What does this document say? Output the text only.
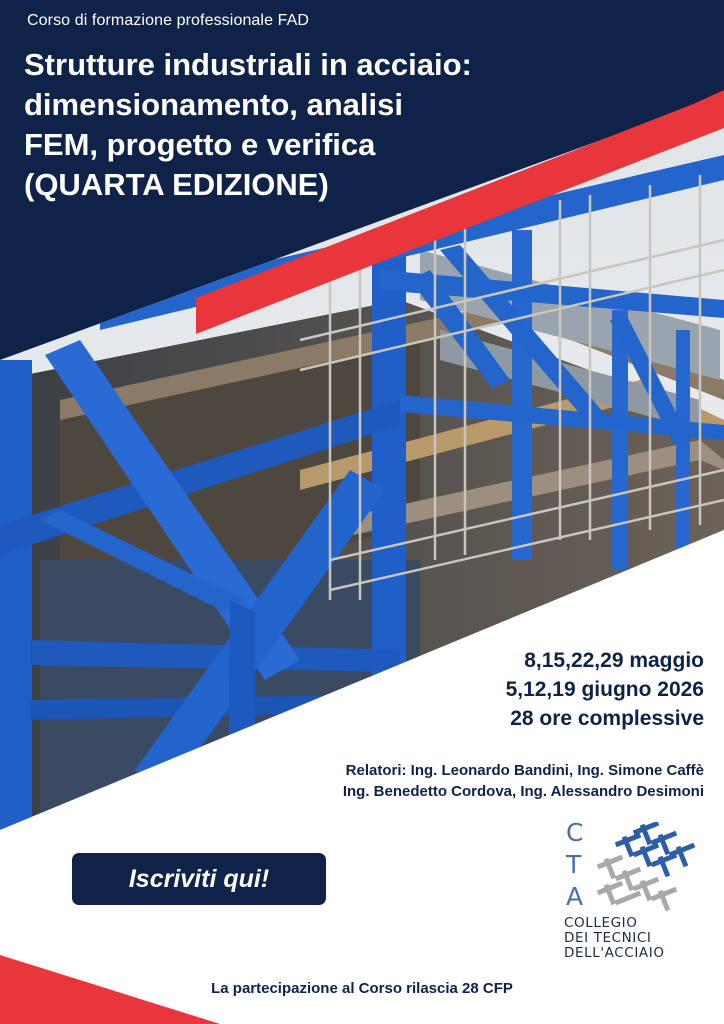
Corso di formazione professionale FAD
Strutture industriali in acciaio:
dimensionamento, analisi
FEM, progetto e verifica
(QUARTA EDIZIONE)
8,15,22,29 maggio
5,12,19 giugno 2026
28 ore complessive
Relatori: Ing. Leonardo Bandini, Ing. Simone Caffè
Ing. Benedetto Cordova, Ing. Alessandro Desimoni
Iscriviti qui!
C
T
A
COLLEGIO
DEI TECNICI
DELL'ACCIAIO
La partecipazione al Corso rilascia 28 CFP
